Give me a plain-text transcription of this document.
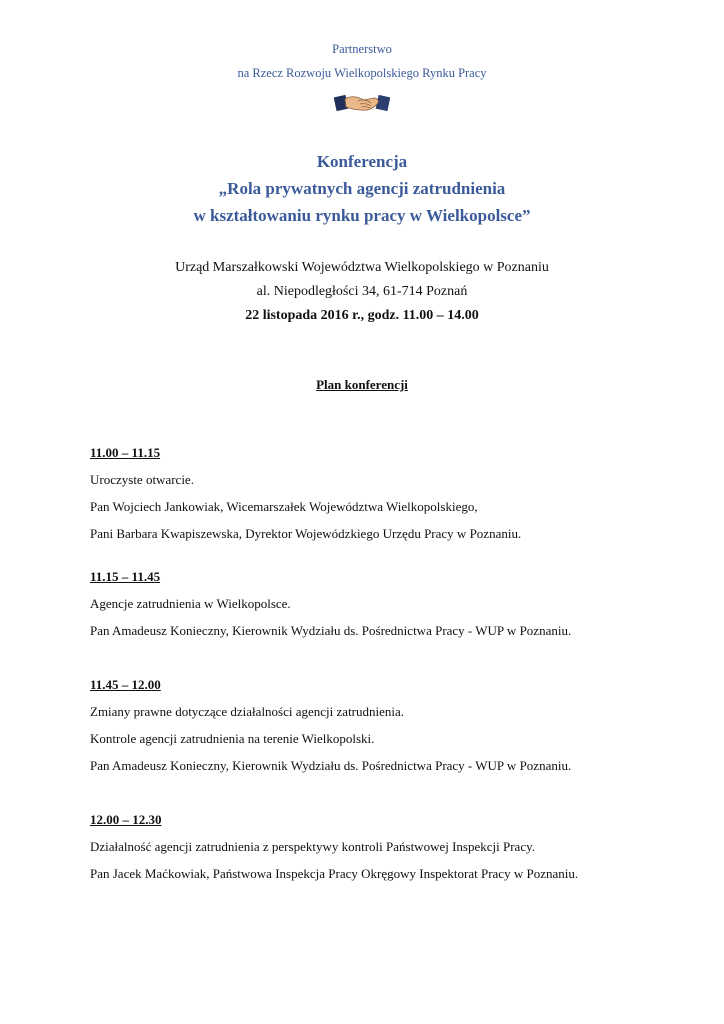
Partnerstwo
na Rzecz Rozwoju Wielkopolskiego Rynku Pracy
Konferencja
„Rola prywatnych agencji zatrudnienia
w kształtowaniu rynku pracy w Wielkopolsce”
Urząd Marszałkowski Województwa Wielkopolskiego w Poznaniu
al. Niepodległości 34, 61-714 Poznań
22 listopada 2016 r., godz. 11.00 – 14.00
Plan konferencji
11.00 – 11.15
Uroczyste otwarcie.
Pan Wojciech Jankowiak, Wicemarszałek Województwa Wielkopolskiego,
Pani Barbara Kwapiszewska, Dyrektor Wojewódzkiego Urzędu Pracy w Poznaniu.
11.15 – 11.45
Agencje zatrudnienia w Wielkopolsce.
Pan Amadeusz Konieczny, Kierownik Wydziału ds. Pośrednictwa Pracy - WUP w Poznaniu.
11.45 – 12.00
Zmiany prawne dotyczące działalności agencji zatrudnienia.
Kontrole agencji zatrudnienia na terenie Wielkopolski.
Pan Amadeusz Konieczny, Kierownik Wydziału ds. Pośrednictwa Pracy - WUP w Poznaniu.
12.00 – 12.30
Działalność agencji zatrudnienia z perspektywy kontroli Państwowej Inspekcji Pracy.
Pan Jacek Maćkowiak, Państwowa Inspekcja Pracy Okręgowy Inspektorat Pracy w Poznaniu.
